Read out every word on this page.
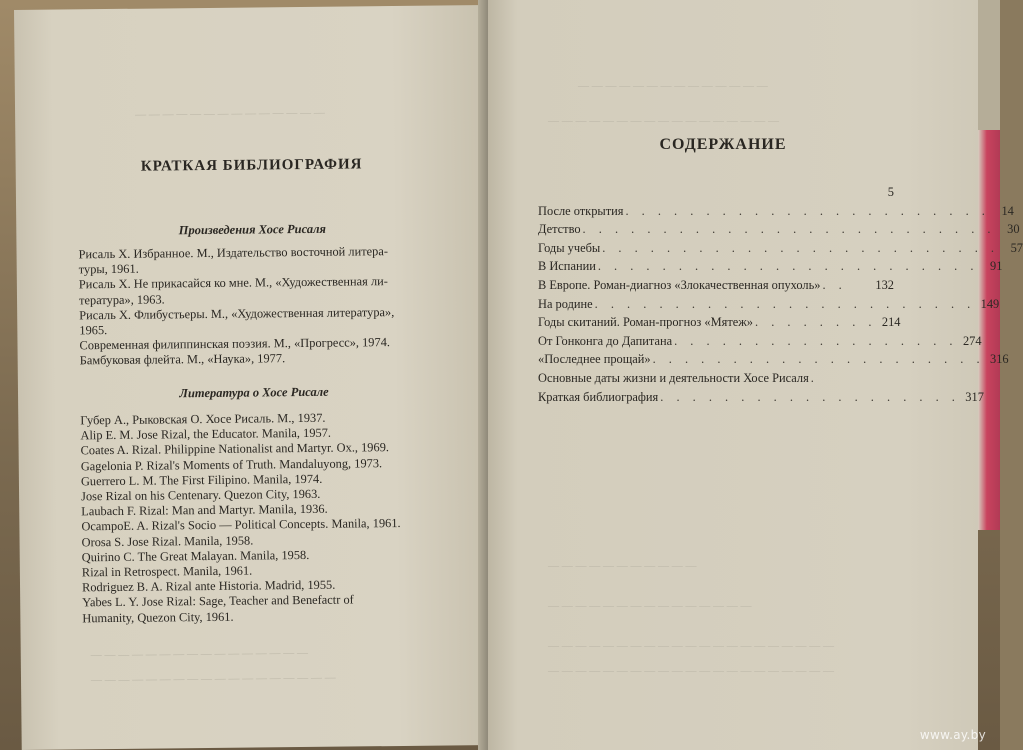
— — — — — — — — — — — — — —
КРАТКАЯ БИБЛИОГРАФИЯ
Произведения Хосе Рисаля

Рисаль Х. Избранное. М., Издательство восточной литера-
туры, 1961.

Рисаль Х. Не прикасайся ко мне. М., «Художественная ли-
тература», 1963.

Рисаль Х. Флибустьеры. М., «Художественная литература»,
1965.

Современная филиппинская поэзия. М., «Прогресс», 1974.

Бамбуковая флейта. М., «Наука», 1977.

Литература о Хосе Рисале

Губер А., Рыковская О. Хосе Рисаль. М., 1937.

Alip E. M. Jose Rizal, the Educator. Manila, 1957.

Coates A. Rizal. Philippine Nationalist and Martyr. Ox., 1969.

Gagelonia P. Rizal's Moments of Truth. Mandaluyong, 1973.

Guerrero L. M. The First Filipino. Manila, 1974.

Jose Rizal on his Centenary. Quezon City, 1963.

Laubach F. Rizal: Man and Martyr. Manila, 1936.

OcampoE. A. Rizal's Socio — Political Concepts. Manila, 1961.

Orosa S. Jose Rizal. Manila, 1958.

Quirino C. The Great Malayan. Manila, 1958.

Rizal in Retrospect. Manila, 1961.

Rodriguez B. A. Rizal ante Historia. Madrid, 1955.

Yabes L. Y. Jose Rizal: Sage, Teacher and Benefactr of
Humanity, Quezon City, 1961.

— — — — — — — — — — — — — — — —
— — — — — — — — — — — — — — — — — —
— — — — — — — — — — — — — —
— — — — — — — — — — — — — — — — —
СОДЕРЖАНИЕ
5
После открытия . . . . . . . . . . . . . . . . . . . . . . . 14
Детство . . . . . . . . . . . . . . . . . . . . . . . . . . 30
Годы учебы . . . . . . . . . . . . . . . . . . . . . . . . . 57
В Испании . . . . . . . . . . . . . . . . . . . . . . . . 91
В Европе. Роман-диагноз «Злокачественная опухоль» . .	132
На родине . . . . . . . . . . . . . . . . . . . . . . . . 149
Годы скитаний. Роман-прогноз «Мятеж» . . . . . . . . 214
От Гонконга до Дапитана . . . . . . . . . . . . . . . . . . 274
«Последнее прощай» . . . . . . . . . . . . . . . . . . . . . 316
Основные даты жизни и деятельности Хосе Рисаля .
Краткая библиография . . . . . . . . . . . . . . . . . . . 317
— — — — — — — — — — —
— — — — — — — — — — — — — — —
— — — — — — — — — — — — — — — — — — — — —
— — — — — — — — — — — — — — — — — — — — —
www.ay.by
